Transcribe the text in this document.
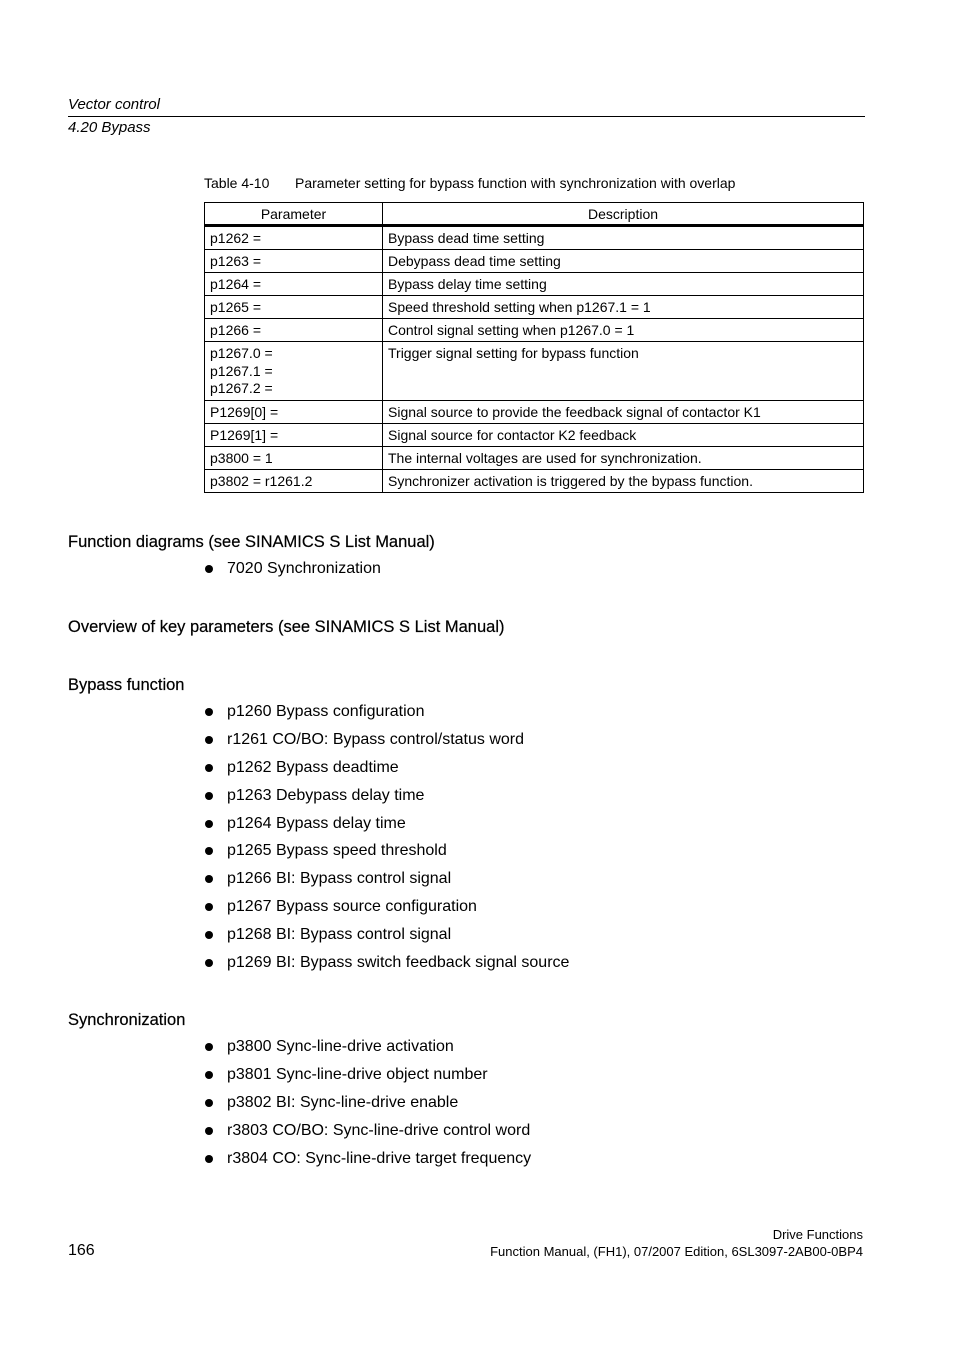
Vector control
4.20 Bypass
Table 4-10 Parameter setting for bypass function with synchronization with overlap
Parameter	Description

p1262 =	Bypass dead time setting

p1263 =	Debypass dead time setting

p1264 =	Bypass delay time setting

p1265 =	Speed threshold setting when p1267.1 = 1

p1266 =	Control signal setting when p1267.0 = 1

p1267.0 =
p1267.1 =
p1267.2 =	Trigger signal setting for bypass function

P1269[0] =	Signal source to provide the feedback signal of contactor K1

P1269[1] =	Signal source for contactor K2 feedback

p3800 = 1	The internal voltages are used for synchronization.

p3802 = r1261.2	Synchronizer activation is triggered by the bypass function.
Function diagrams (see SINAMICS S List Manual)
7020 Synchronization
Overview of key parameters (see SINAMICS S List Manual)
Bypass function
p1260 Bypass configuration
r1261 CO/BO: Bypass control/status word
p1262 Bypass deadtime
p1263 Debypass delay time
p1264 Bypass delay time
p1265 Bypass speed threshold
p1266 BI: Bypass control signal
p1267 Bypass source configuration
p1268 BI: Bypass control signal
p1269 BI: Bypass switch feedback signal source
Synchronization
p3800 Sync-line-drive activation
p3801 Sync-line-drive object number
p3802 BI: Sync-line-drive enable
r3803 CO/BO: Sync-line-drive control word
r3804 CO: Sync-line-drive target frequency
166
Drive Functions
Function Manual, (FH1), 07/2007 Edition, 6SL3097-2AB00-0BP4
